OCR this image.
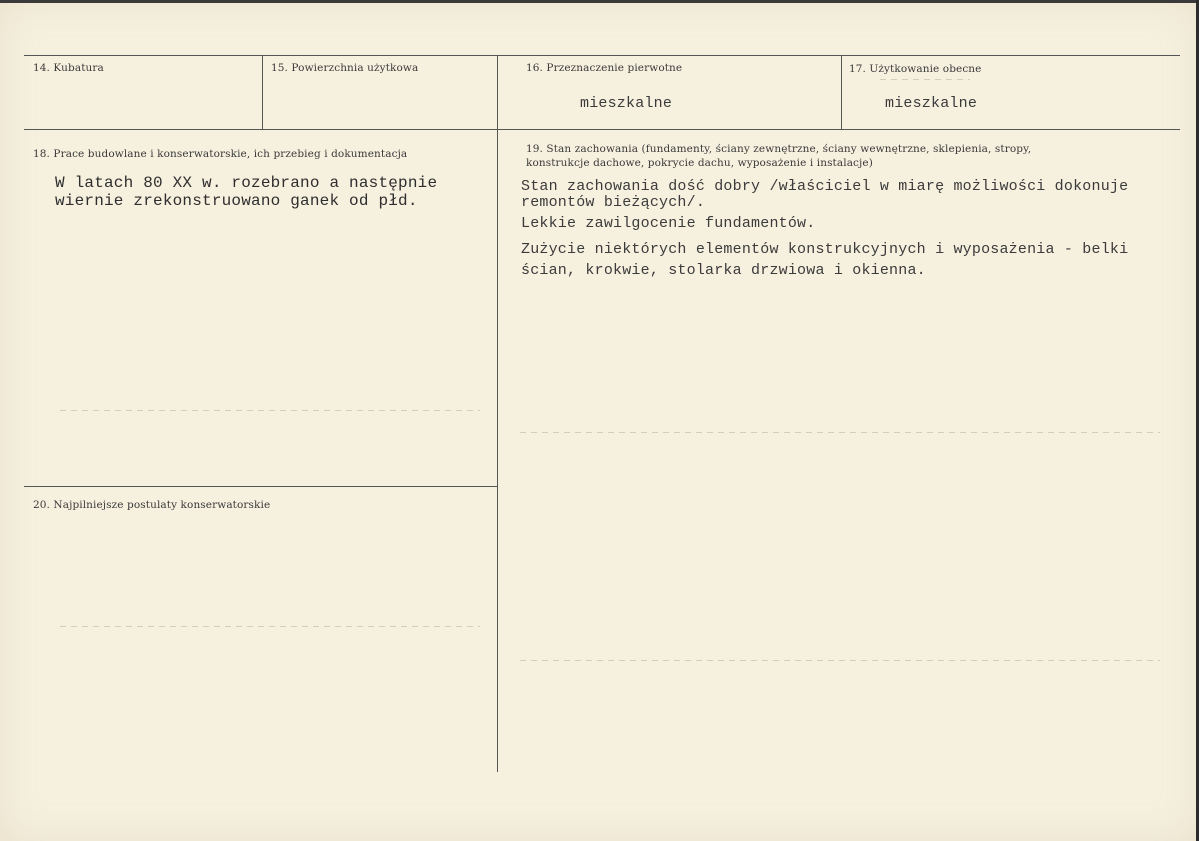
14. Kubatura	15. Powierzchnia użytkowa	16. Przeznaczenie pierwotne
mieszkalne
17. Użytkowanie obecne
mieszkalne
18. Prace budowlane i konserwatorskie, ich przebieg i dokumentacja
W latach 80 XX w. rozebrano a następnie
wiernie zrekonstruowano ganek od płd.
19. Stan zachowania (fundamenty, ściany zewnętrzne, ściany wewnętrzne, sklepienia, stropy,
konstrukcje dachowe, pokrycie dachu, wyposażenie i instalacje)
Stan zachowania dość dobry /właściciel w miarę możliwości dokonuje
remontów bieżących/.
Lekkie zawilgocenie fundamentów.
Zużycie niektórych elementów konstrukcyjnych i wyposażenia - belki
ścian, krokwie, stolarka drzwiowa i okienna.
20. Najpilniejsze postulaty konserwatorskie
